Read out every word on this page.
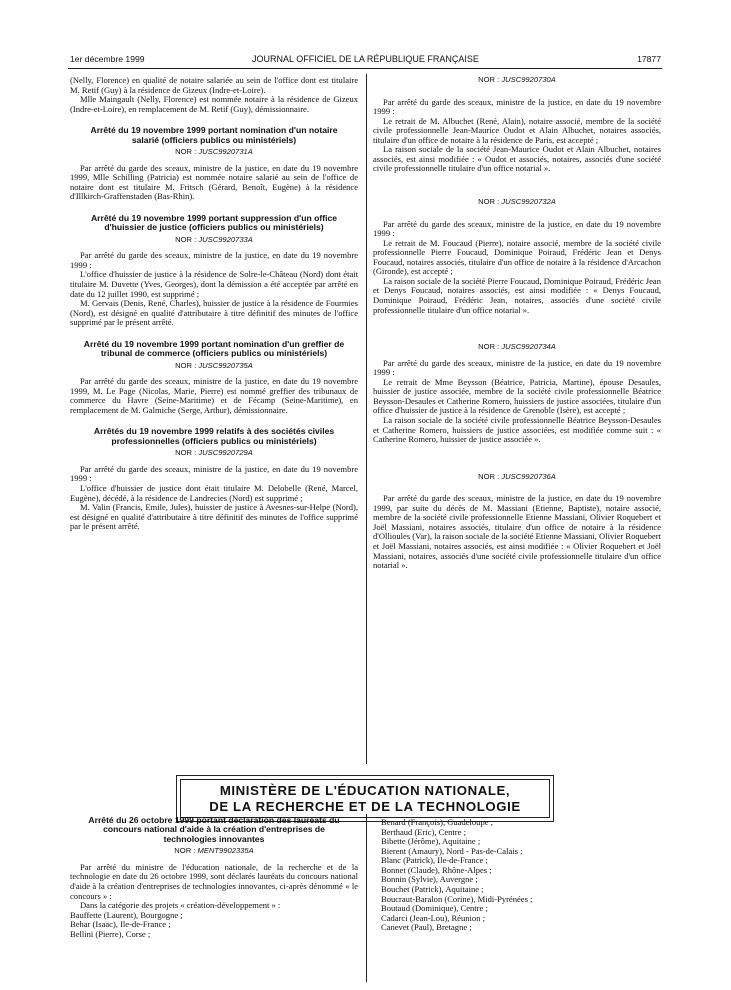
1er décembre 1999	JOURNAL OFFICIEL DE LA RÉPUBLIQUE FRANÇAISE	17877

(Nelly, Florence) en qualité de notaire salariée au sein de l'office dont est titulaire M. Retif (Guy) à la résidence de Gizeux (Indre-et-Loire).

Mlle Maingault (Nelly, Florence) est nommée notaire à la résidence de Gizeux (Indre-et-Loire), en remplacement de M. Retif (Guy), démissionnaire.

Arrêté du 19 novembre 1999 portant nomination d'un notaire salarié (officiers publics ou ministériels)
NOR : JUSC9920731A

Par arrêté du garde des sceaux, ministre de la justice, en date du 19 novembre 1999, Mlle Schilling (Patricia) est nommée notaire salarié au sein de l'office de notaire dont est titulaire M. Fritsch (Gérard, Benoît, Eugène) à la résidence d'Illkirch-Graffenstaden (Bas-Rhin).

Arrêté du 19 novembre 1999 portant suppression d'un office d'huissier de justice (officiers publics ou ministériels)
NOR : JUSC9920733A

Par arrêté du garde des sceaux, ministre de la justice, en date du 19 novembre 1999 :

L'office d'huissier de justice à la résidence de Solre-le-Château (Nord) dont était titulaire M. Duvette (Yves, Georges), dont la démission a été acceptée par arrêté en date du 12 juillet 1990, est supprimé ;

M. Gervais (Denis, René, Charles), huissier de justice à la résidence de Fourmies (Nord), est désigné en qualité d'attributaire à titre définitif des minutes de l'office supprimé par le présent arrêté.

Arrêté du 19 novembre 1999 portant nomination d'un greffier de tribunal de commerce (officiers publics ou ministériels)
NOR : JUSC9920735A

Par arrêté du garde des sceaux, ministre de la justice, en date du 19 novembre 1999, M. Le Page (Nicolas, Marie, Pierre) est nommé greffier des tribunaux de commerce du Havre (Seine-Maritime) et de Fécamp (Seine-Maritime), en remplacement de M. Galmiche (Serge, Arthur), démissionnaire.

Arrêtés du 19 novembre 1999 relatifs à des sociétés civiles professionnelles (officiers publics ou ministériels)
NOR : JUSC9920729A

Par arrêté du garde des sceaux, ministre de la justice, en date du 19 novembre 1999 :

L'office d'huissier de justice dont était titulaire M. Delobelle (René, Marcel, Eugène), décédé, à la résidence de Landrecies (Nord) est supprimé ;

M. Valin (Francis, Emile, Jules), huissier de justice à Avesnes-sur-Helpe (Nord), est désigné en qualité d'attributaire à titre définitif des minutes de l'office supprimé par le présent arrêté.

NOR : JUSC9920730A

Par arrêté du garde des sceaux, ministre de la justice, en date du 19 novembre 1999 :

Le retrait de M. Albuchet (René, Alain), notaire associé, membre de la société civile professionnelle Jean-Maurice Oudot et Alain Albuchet, notaires associés, titulaire d'un office de notaire à la résidence de Paris, est accepté ;

La raison sociale de la société Jean-Maurice Oudot et Alain Albuchet, notaires associés, est ainsi modifiée : « Oudot et associés, notaires, associés d'une société civile professionnelle titulaire d'un office notarial ».

NOR : JUSC9920732A

Par arrêté du garde des sceaux, ministre de la justice, en date du 19 novembre 1999 :

Le retrait de M. Foucaud (Pierre), notaire associé, membre de la société civile professionnelle Pierre Foucaud, Dominique Poiraud, Frédéric Jean et Denys Foucaud, notaires associés, titulaire d'un office de notaire à la résidence d'Arcachon (Gironde), est accepté ;

La raison sociale de la société Pierre Foucaud, Dominique Poiraud, Frédéric Jean et Denys Foucaud, notaires associés, est ainsi modifiée : « Denys Foucaud, Dominique Poiraud, Frédéric Jean, notaires, associés d'une société civile professionnelle titulaire d'un office notarial ».

NOR : JUSC9920734A

Par arrêté du garde des sceaux, ministre de la justice, en date du 19 novembre 1999 :

Le retrait de Mme Beysson (Béatrice, Patricia, Martine), épouse Desaules, huissier de justice associée, membre de la société civile professionnelle Béatrice Beysson-Desaules et Catherine Romero, huissiers de justice associées, titulaire d'un office d'huissier de justice à la résidence de Grenoble (Isère), est accepté ;

La raison sociale de la société civile professionnelle Béatrice Beysson-Desaules et Catherine Romero, huissiers de justice associées, est modifiée comme suit : « Catherine Romero, huissier de justice associée ».

NOR : JUSC9920736A

Par arrêté du garde des sceaux, ministre de la justice, en date du 19 novembre 1999, par suite du décès de M. Massiani (Etienne, Baptiste), notaire associé, membre de la société civile professionnelle Etienne Massiani, Olivier Roquebert et Joël Massiani, notaires associés, titulaire d'un office de notaire à la résidence d'Ollioules (Var), la raison sociale de la société Etienne Massiani, Olivier Roquebert et Joël Massiani, notaires associés, est ainsi modifiée : « Olivier Roquebert et Joël Massiani, notaires, associés d'une société civile professionnelle titulaire d'un office notarial ».

MINISTÈRE DE L'ÉDUCATION NATIONALE,
DE LA RECHERCHE ET DE LA TECHNOLOGIE
Arrêté du 26 octobre 1999 portant déclaration des lauréats du concours national d'aide à la création d'entreprises de technologies innovantes
NOR : MENT9902335A

Par arrêté du ministre de l'éducation nationale, de la recherche et de la technologie en date du 26 octobre 1999, sont déclarés lauréats du concours national d'aide à la création d'entreprises de technologies innovantes, ci-après dénommé « le concours » :

Dans la catégorie des projets « création-développement » :

Bauffette (Laurent), Bourgogne ;

Behar (Isaac), Ile-de-France ;

Bellini (Pierre), Corse ;

Benard (François), Guadeloupe ;

Berthaud (Eric), Centre ;

Bibette (Jérôme), Aquitaine ;

Bierent (Amaury), Nord - Pas-de-Calais ;

Blanc (Patrick), Ile-de-France ;

Bonnet (Claude), Rhône-Alpes ;

Bonnin (Sylvie), Auvergne ;

Bouchet (Patrick), Aquitaine ;

Boucraut-Baralon (Corine), Midi-Pyrénées ;

Boutaud (Dominique), Centre ;

Cadarci (Jean-Lou), Réunion ;

Canevet (Paul), Bretagne ;
